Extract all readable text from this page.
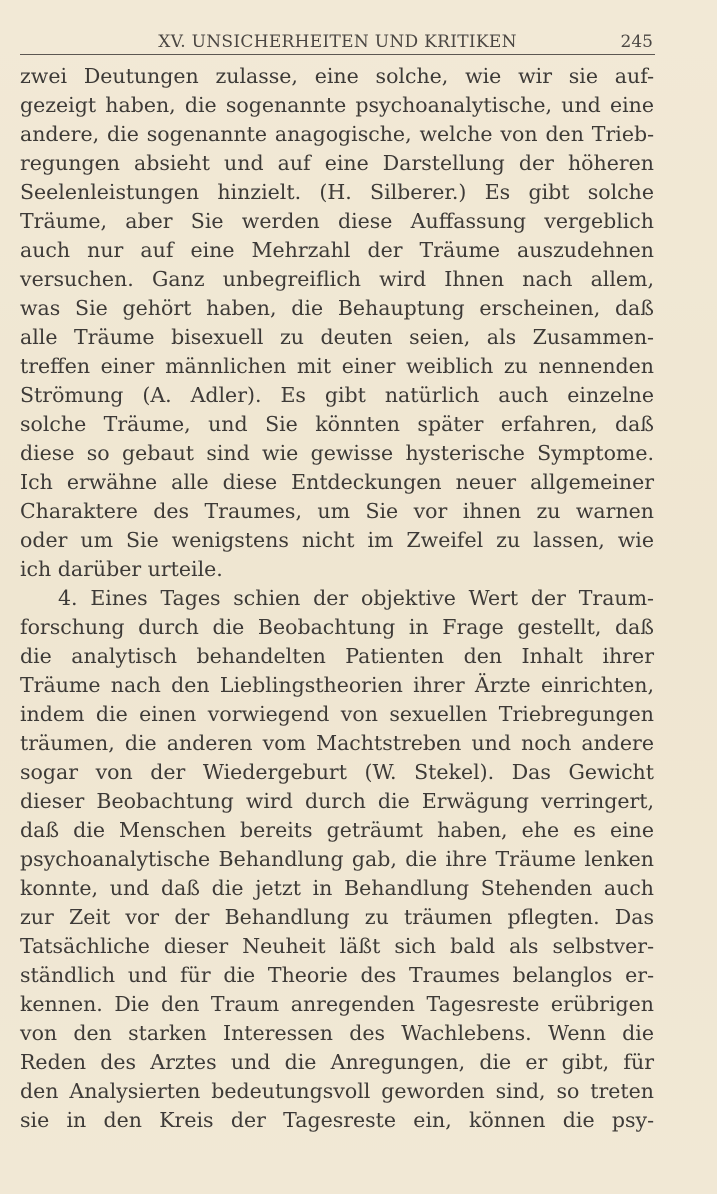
XV. UNSICHERHEITEN UND KRITIKEN	245
zwei Deutungen zulasse, eine solche, wie wir sie auf-
gezeigt haben, die sogenannte psychoanalytische, und eine
andere, die sogenannte anagogische, welche von den Trieb-
regungen absieht und auf eine Darstellung der höheren
Seelenleistungen hinzielt. (H. Silberer.) Es gibt solche
Träume, aber Sie werden diese Auffassung vergeblich
auch nur auf eine Mehrzahl der Träume auszudehnen
versuchen. Ganz unbegreiflich wird Ihnen nach allem,
was Sie gehört haben, die Behauptung erscheinen, daß
alle Träume bisexuell zu deuten seien, als Zusammen-
treffen einer männlichen mit einer weiblich zu nennenden
Strömung (A. Adler). Es gibt natürlich auch einzelne
solche Träume, und Sie könnten später erfahren, daß
diese so gebaut sind wie gewisse hysterische Symptome.
Ich erwähne alle diese Entdeckungen neuer allgemeiner
Charaktere des Traumes, um Sie vor ihnen zu warnen
oder um Sie wenigstens nicht im Zweifel zu lassen, wie
ich darüber urteile.
4. Eines Tages schien der objektive Wert der Traum-
forschung durch die Beobachtung in Frage gestellt, daß
die analytisch behandelten Patienten den Inhalt ihrer
Träume nach den Lieblingstheorien ihrer Ärzte einrichten,
indem die einen vorwiegend von sexuellen Triebregungen
träumen, die anderen vom Machtstreben und noch andere
sogar von der Wiedergeburt (W. Stekel). Das Gewicht
dieser Beobachtung wird durch die Erwägung verringert,
daß die Menschen bereits geträumt haben, ehe es eine
psychoanalytische Behandlung gab, die ihre Träume lenken
konnte, und daß die jetzt in Behandlung Stehenden auch
zur Zeit vor der Behandlung zu träumen pflegten. Das
Tatsächliche dieser Neuheit läßt sich bald als selbstver-
ständlich und für die Theorie des Traumes belanglos er-
kennen. Die den Traum anregenden Tagesreste erübrigen
von den starken Interessen des Wachlebens. Wenn die
Reden des Arztes und die Anregungen, die er gibt, für
den Analysierten bedeutungsvoll geworden sind, so treten
sie in den Kreis der Tagesreste ein, können die psy-
